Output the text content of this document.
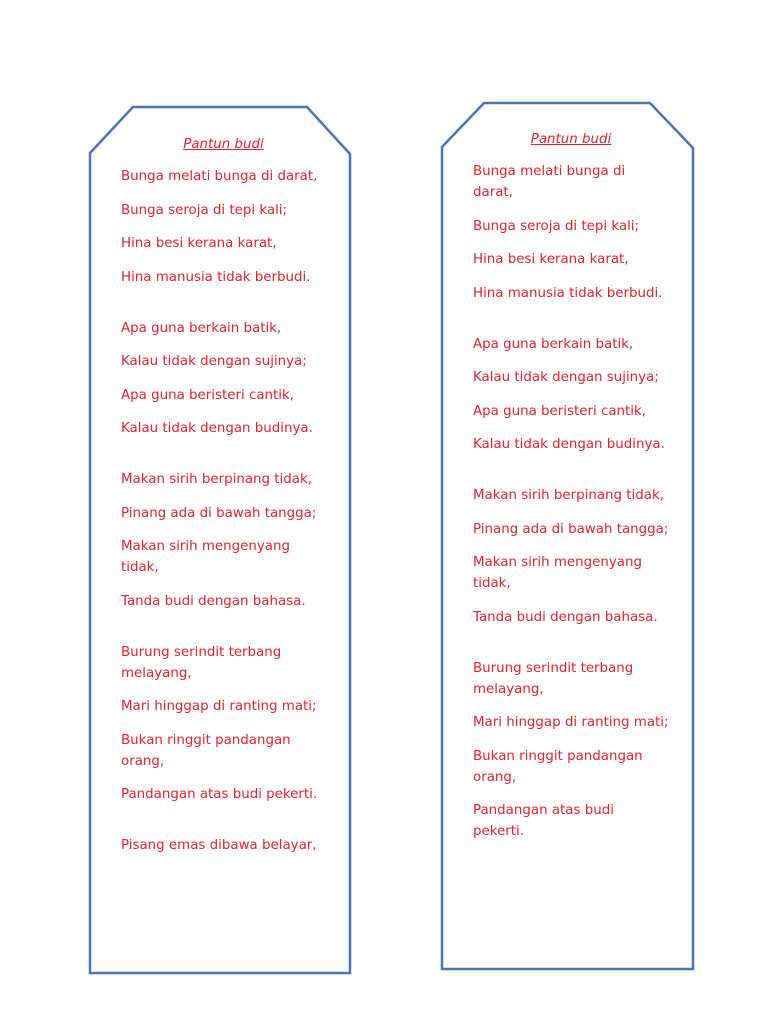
Pantun budi
Bunga melati bunga di darat,
Bunga seroja di tepi kali;
Hina besi kerana karat,
Hina manusia tidak berbudi.
Apa guna berkain batik,
Kalau tidak dengan sujinya;
Apa guna beristeri cantik,
Kalau tidak dengan budinya.
Makan sirih berpinang tidak,
Pinang ada di bawah tangga;
Makan sirih mengenyang tidak,
Tanda budi dengan bahasa.
Burung serindit terbang melayang,
Mari hinggap di ranting mati;
Bukan ringgit pandangan orang,
Pandangan atas budi pekerti.
Pisang emas dibawa belayar,
Pantun budi
Bunga melati bunga di darat,
Bunga seroja di tepi kali;
Hina besi kerana karat,
Hina manusia tidak berbudi.
Apa guna berkain batik,
Kalau tidak dengan sujinya;
Apa guna beristeri cantik,
Kalau tidak dengan budinya.
Makan sirih berpinang tidak,
Pinang ada di bawah tangga;
Makan sirih mengenyang tidak,
Tanda budi dengan bahasa.
Burung serindit terbang melayang,
Mari hinggap di ranting mati;
Bukan ringgit pandangan orang,
Pandangan atas budi pekerti.
